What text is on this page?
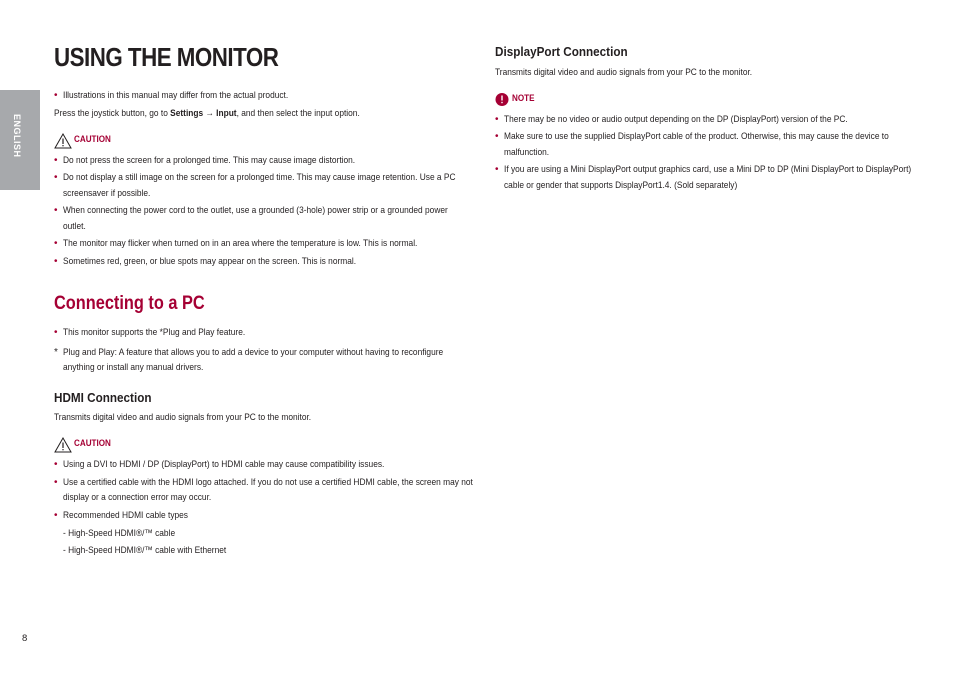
ENGLISH
USING THE MONITOR
• Illustrations in this manual may differ from the actual product.
Press the joystick button, go to Settings → Input, and then select the input option.
CAUTION
• Do not press the screen for a prolonged time. This may cause image distortion.
• Do not display a still image on the screen for a prolonged time. This may cause image retention. Use a PC
screensaver if possible.
• When connecting the power cord to the outlet, use a grounded (3-hole) power strip or a grounded power
outlet.
• The monitor may flicker when turned on in an area where the temperature is low. This is normal.
• Sometimes red, green, or blue spots may appear on the screen. This is normal.
Connecting to a PC
• This monitor supports the *Plug and Play feature.
* Plug and Play: A feature that allows you to add a device to your computer without having to reconfigure
anything or install any manual drivers.
HDMI Connection
Transmits digital video and audio signals from your PC to the monitor.
CAUTION
• Using a DVI to HDMI / DP (DisplayPort) to HDMI cable may cause compatibility issues.
• Use a certified cable with the HDMI logo attached. If you do not use a certified HDMI cable, the screen may not
display or a connection error may occur.
• Recommended HDMI cable types
- High-Speed HDMI®/™ cable
- High-Speed HDMI®/™ cable with Ethernet
DisplayPort Connection
Transmits digital video and audio signals from your PC to the monitor.
NOTE
• There may be no video or audio output depending on the DP (DisplayPort) version of the PC.
• Make sure to use the supplied DisplayPort cable of the product. Otherwise, this may cause the device to
malfunction.
• If you are using a Mini DisplayPort output graphics card, use a Mini DP to DP (Mini DisplayPort to DisplayPort)
cable or gender that supports DisplayPort1.4. (Sold separately)
8
